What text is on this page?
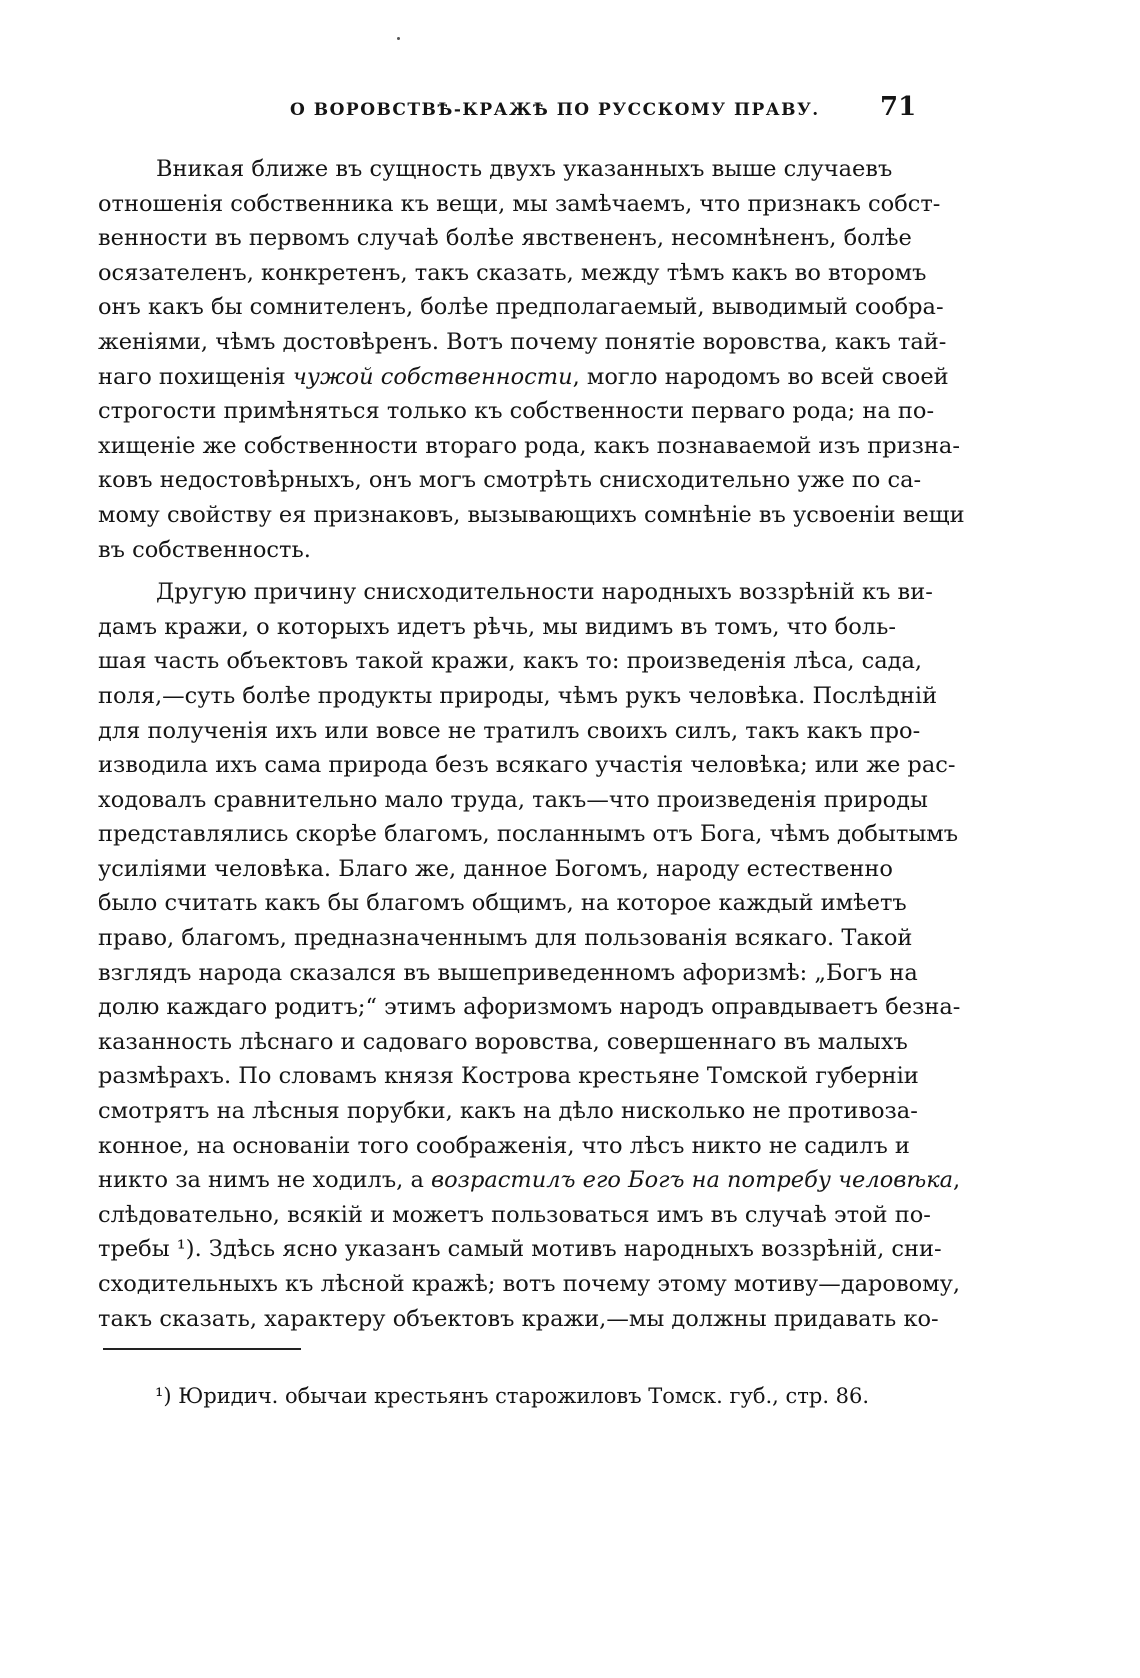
О ВОРОВСТВѢ-КРАЖѢ ПО РУССКОМУ ПРАВУ. 71
Вникая ближе въ сущность двухъ указанныхъ выше случаевъ
отношенія собственника къ вещи, мы замѣчаемъ, что признакъ собст-
венности въ первомъ случаѣ болѣе явствененъ, несомнѣненъ, болѣе
осязателенъ, конкретенъ, такъ сказать, между тѣмъ какъ во второмъ
онъ какъ бы сомнителенъ, болѣе предполагаемый, выводимый сообра-
женіями, чѣмъ достовѣренъ. Вотъ почему понятіе воровства, какъ тай-
наго похищенія чужой собственности, могло народомъ во всей своей
строгости примѣняться только къ собственности перваго рода; на по-
хищеніе же собственности втораго рода, какъ познаваемой изъ призна-
ковъ недостовѣрныхъ, онъ могъ смотрѣть снисходительно уже по са-
мому свойству ея признаковъ, вызывающихъ сомнѣніе въ усвоеніи вещи
въ собственность.
Другую причину снисходительности народныхъ воззрѣній къ ви-
дамъ кражи, о которыхъ идетъ рѣчь, мы видимъ въ томъ, что боль-
шая часть объектовъ такой кражи, какъ то: произведенія лѣса, сада,
поля,—суть болѣе продукты природы, чѣмъ рукъ человѣка. Послѣдній
для полученія ихъ или вовсе не тратилъ своихъ силъ, такъ какъ про-
изводила ихъ сама природа безъ всякаго участія человѣка; или же рас-
ходовалъ сравнительно мало труда, такъ—что произведенія природы
представлялись скорѣе благомъ, посланнымъ отъ Бога, чѣмъ добытымъ
усиліями человѣка. Благо же, данное Богомъ, народу естественно
было считать какъ бы благомъ общимъ, на которое каждый имѣетъ
право, благомъ, предназначеннымъ для пользованія всякаго. Такой
взглядъ народа сказался въ вышеприведенномъ афоризмѣ: „Богъ на
долю каждаго родитъ;“ этимъ афоризмомъ народъ оправдываетъ безна-
казанность лѣснаго и садоваго воровства, совершеннаго въ малыхъ
размѣрахъ. По словамъ князя Кострова крестьяне Томской губерніи
смотрятъ на лѣсныя порубки, какъ на дѣло нисколько не противоза-
конное, на основаніи того соображенія, что лѣсъ никто не садилъ и
никто за нимъ не ходилъ, а возрастилъ его Богъ на потребу человѣка,
слѣдовательно, всякій и можетъ пользоваться имъ въ случаѣ этой по-
требы ¹). Здѣсь ясно указанъ самый мотивъ народныхъ воззрѣній, сни-
сходительныхъ къ лѣсной кражѣ; вотъ почему этому мотиву—даровому,
такъ сказать, характеру объектовъ кражи,—мы должны придавать ко-
¹) Юридич. обычаи крестьянъ старожиловъ Томск. губ., стр. 86.
